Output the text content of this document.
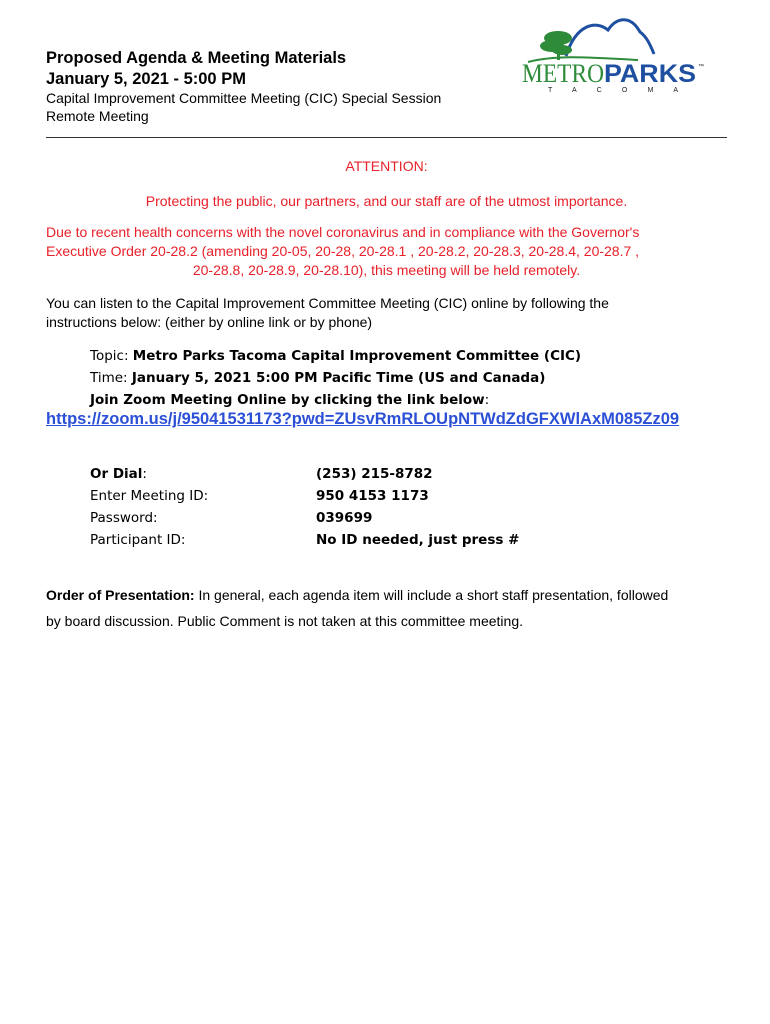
Proposed Agenda & Meeting Materials
January 5, 2021 - 5:00 PM
Capital Improvement Committee Meeting (CIC) Special Session
Remote Meeting
METRO PARKS ™
T A C O M A
ATTENTION:
Protecting the public, our partners, and our staff are of the utmost importance.
Due to recent health concerns with the novel coronavirus and in compliance with the Governor's
Executive Order 20-28.2 (amending 20-05, 20-28, 20-28.1 , 20-28.2, 20-28.3, 20-28.4, 20-28.7 ,
20-28.8, 20-28.9, 20-28.10), this meeting will be held remotely.
You can listen to the Capital Improvement Committee Meeting (CIC) online by following the
instructions below: (either by online link or by phone)
Topic: Metro Parks Tacoma Capital Improvement Committee (CIC)
Time: January 5, 2021 5:00 PM Pacific Time (US and Canada)
Join Zoom Meeting Online by clicking the link below:
https://zoom.us/j/95041531173?pwd=ZUsvRmRLOUpNTWdZdGFXWlAxM085Zz09
Or Dial:	(253) 215-8782
Enter Meeting ID:	950 4153 1173
Password:	039699
Participant ID:	No ID needed, just press #
Order of Presentation: In general, each agenda item will include a short staff presentation, followed
by board discussion. Public Comment is not taken at this committee meeting.
